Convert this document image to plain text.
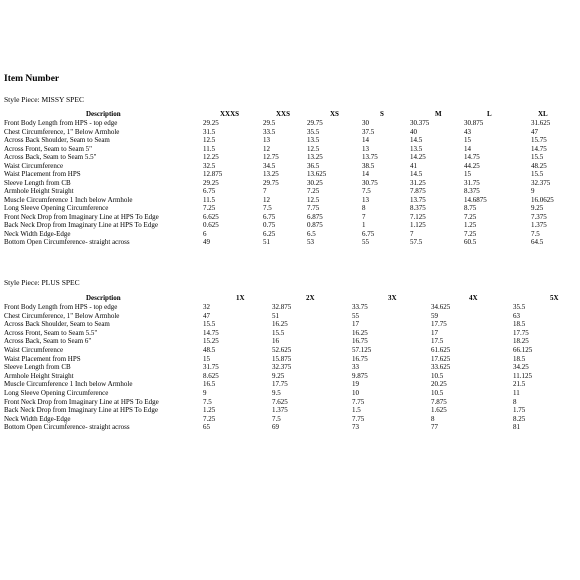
Item Number
Style Piece: MISSY SPEC
Description	XXXS	XXS	XS	S	M	L	XL
Front Body Length from HPS - top edge	29.25	29.5	29.75	30	30.375	30.875	31.625
Chest Circumference, 1" Below Armhole	31.5	33.5	35.5	37.5	40	43	47
Across Back Shoulder, Seam to Seam	12.5	13	13.5	14	14.5	15	15.75
Across Front, Seam to Seam 5"	11.5	12	12.5	13	13.5	14	14.75
Across Back, Seam to Seam 5.5"	12.25	12.75	13.25	13.75	14.25	14.75	15.5
Waist Circumference	32.5	34.5	36.5	38.5	41	44.25	48.25
Waist Placement from HPS	12.875	13.25	13.625	14	14.5	15	15.5
Sleeve Length from CB	29.25	29.75	30.25	30.75	31.25	31.75	32.375
Armhole Height Straight	6.75	7	7.25	7.5	7.875	8.375	9
Muscle Circumference 1 Inch below Armhole	11.5	12	12.5	13	13.75	14.6875	16.0625
Long Sleeve Opening Circumference	7.25	7.5	7.75	8	8.375	8.75	9.25
Front Neck Drop from Imaginary Line at HPS To Edge	6.625	6.75	6.875	7	7.125	7.25	7.375
Back Neck Drop from Imaginary Line at HPS To Edge	0.625	0.75	0.875	1	1.125	1.25	1.375
Neck Width Edge-Edge	6	6.25	6.5	6.75	7	7.25	7.5
Bottom Open Circumference- straight across	49	51	53	55	57.5	60.5	64.5
Style Piece: PLUS SPEC
Description	1X	2X	3X	4X	5X
Front Body Length from HPS - top edge	32	32.875	33.75	34.625	35.5
Chest Circumference, 1" Below Armhole	47	51	55	59	63
Across Back Shoulder, Seam to Seam	15.5	16.25	17	17.75	18.5
Across Front, Seam to Seam 5.5"	14.75	15.5	16.25	17	17.75
Across Back, Seam to Seam 6"	15.25	16	16.75	17.5	18.25
Waist Circumference	48.5	52.625	57.125	61.625	66.125
Waist Placement from HPS	15	15.875	16.75	17.625	18.5
Sleeve Length from CB	31.75	32.375	33	33.625	34.25
Armhole Height Straight	8.625	9.25	9.875	10.5	11.125
Muscle Circumference 1 Inch below Armhole	16.5	17.75	19	20.25	21.5
Long Sleeve Opening Circumference	9	9.5	10	10.5	11
Front Neck Drop from Imaginary Line at HPS To Edge	7.5	7.625	7.75	7.875	8
Back Neck Drop from Imaginary Line at HPS To Edge	1.25	1.375	1.5	1.625	1.75
Neck Width Edge-Edge	7.25	7.5	7.75	8	8.25
Bottom Open Circumference- straight across	65	69	73	77	81
